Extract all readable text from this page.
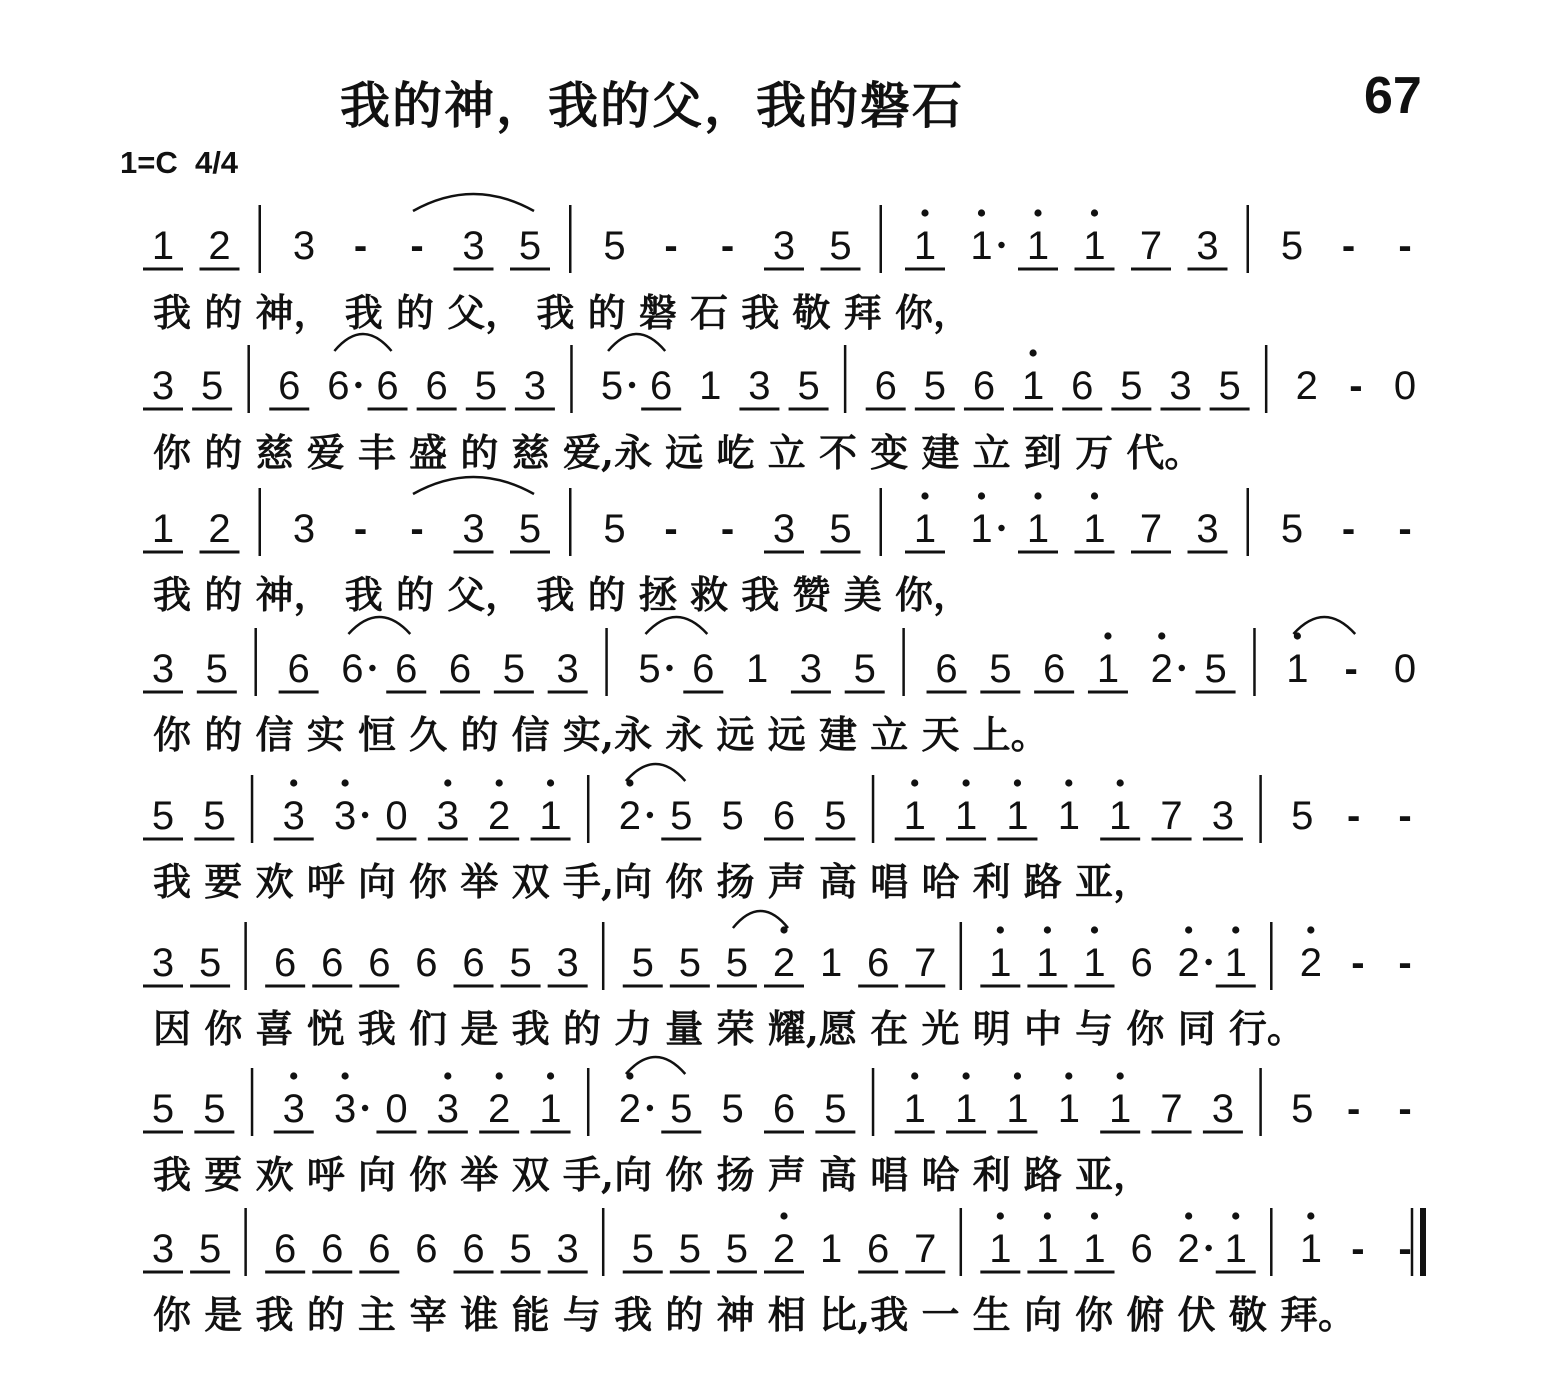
我的神，我的父，我的磐石	67
1=C  4/4
1 2 3 - - 3 5 5 - - 3 5 1 1 1 1 7 3 5 - -
我 的 神， 我 的 父， 我 的 磐 石 我 敬 拜 你，
3 5 6 6 6 6 5 3 5 6 1 3 5 6 5 6 1 6 5 3 5 2 - 0
你 的 慈 爱 丰 盛 的 慈 爱,永 远 屹 立 不 变 建 立 到 万 代。
1 2 3 - - 3 5 5 - - 3 5 1 1 1 1 7 3 5 - -
我 的 神， 我 的 父， 我 的 拯 救 我 赞 美 你，
3 5 6 6 6 6 5 3 5 6 1 3 5 6 5 6 1 2 5 1 - 0
你 的 信 实 恒 久 的 信 实,永 永 远 远 建 立 天 上。
5 5 3 3 0 3 2 1 2 5 5 6 5 1 1 1 1 1 7 3 5 - -
我 要 欢 呼 向 你 举 双 手,向 你 扬 声 高 唱 哈 利 路 亚，
3 5 6 6 6 6 6 5 3 5 5 5 2 1 6 7 1 1 1 6 2 1 2 - -
因 你 喜 悦 我 们 是 我 的 力 量 荣 耀,愿 在 光 明 中 与 你 同 行。
5 5 3 3 0 3 2 1 2 5 5 6 5 1 1 1 1 1 7 3 5 - -
我 要 欢 呼 向 你 举 双 手,向 你 扬 声 高 唱 哈 利 路 亚，
3 5 6 6 6 6 6 5 3 5 5 5 2 1 6 7 1 1 1 6 2 1 1 - -
你 是 我 的 主 宰 谁 能 与 我 的 神 相 比,我 一 生 向 你 俯 伏 敬 拜。
